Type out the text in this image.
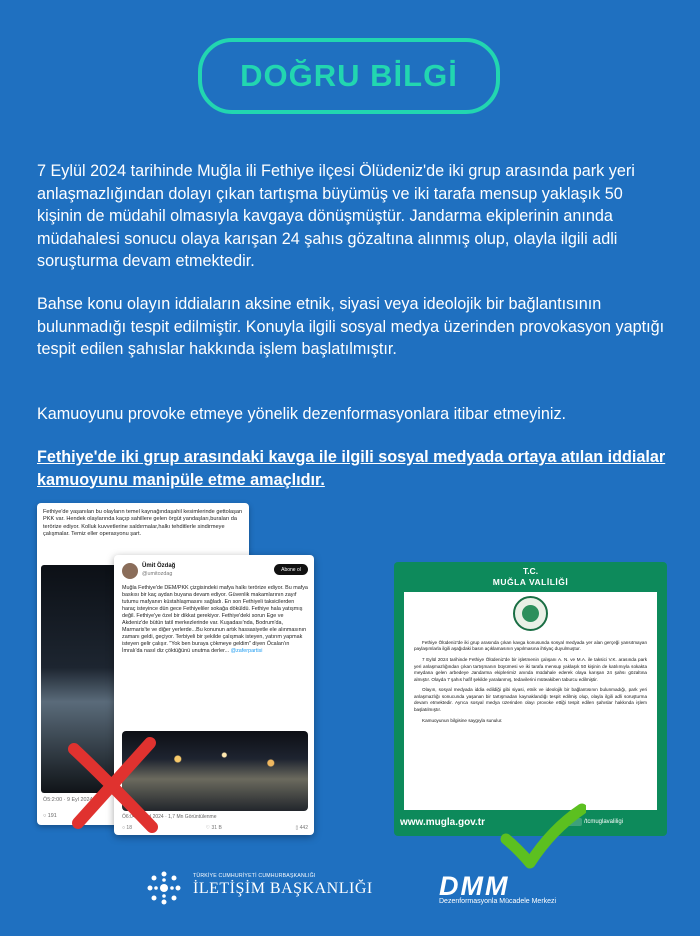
DOĞRU BİLGİ
7 Eylül 2024 tarihinde Muğla ili Fethiye ilçesi Ölüdeniz'de iki grup arasında park yeri anlaşmazlığından dolayı çıkan tartışma büyümüş ve iki tarafa mensup yaklaşık 50 kişinin de müdahil olmasıyla kavgaya dönüşmüştür. Jandarma ekiplerinin anında müdahalesi sonucu olaya karışan 24 şahıs gözaltına alınmış olup, olayla ilgili adli soruşturma devam etmektedir.
Bahse konu olayın iddiaların aksine etnik, siyasi veya ideolojik bir bağlantısının bulunmadığı tespit edilmiştir. Konuyla ilgili sosyal medya üzerinden provokasyon yaptığı tespit edilen şahıslar hakkında işlem başlatılmıştır.
Kamuoyunu provoke etmeye yönelik dezenformasyonlara itibar etmeyiniz.
Fethiye'de iki grup arasındaki kavga ile ilgili sosyal medyada ortaya atılan iddialar kamuoyunu manipüle etme amaçlıdır.
Fethiye'de yaşanılan bu olayların temel kaynağındaşahil kesimlerinde gettolaşan PKK var. Hendek olaylarında kaçıp sahillere gelen örgüt yandaşları,buraları da terörize ediyor. Kolluk kuvvetlerine saldırmalar,halkı tehditlerle sindirmeye çalışmalar. Temiz eller operasyonu şart.
Ö5:2:00 · 9 Eyl 2024 ·
○ 191
Ümit Özdağ
@umitozdag
Abone ol
Muğla Fethiye'de DEM/PKK çizgisindeki mafya halkı terörize ediyor. Bu mafya baskısı bir kaç aydan buyana devam ediyor. Güvenlik makamlarının zayıf tutumu mafyanın küstahlaşmasını sağladı. En son Fethiyeli taksicilerden haraç isteyince dün gece Fethiyeliler sokağa döküldü. Fethiye hala yatışmış değil. Fethiye'ye özel bir dikkat gerekiyor. Fethiye'deki sorun Ege ve Akdeniz'de bütün tatil merkezlerinde var. Kuşadası'nda, Bodrum'da, Marmaris'te ve diğer yerlerde...Bu konunun artık hassasiyetle ele alınmasının zamanı geldi, geçiyor. Terbiyeli bir şekilde çalışmak isteyen, yatırım yapmak isteyen gelir çalışır. "Yok ben buraya çökmeye geldim" diyen Öcalan'ın İmralı'da nasıl diz çöktüğünü unutma derler... @zaferpartisi
Ö6:04 · 9 Eyl 2024 · 1,7 Mn Görüntülenme
○ 18	♡ 31 B	▯ 442
T.C.
MUĞLA VALİLİĞİ

Fethiye Ölüdeniz'de iki grup arasında çıkan kavga konusunda sosyal medyada yer alan gerçeği yansıtmayan paylaşımlarla ilgili aşağıdaki basın açıklamasının yapılmasına ihtiyaç duyulmuştur.

7 Eylül 2024 tarihinde Fethiye Ölüdeniz'de bir işletmenin çalışanı A. N. ve M.A. ile taksici V.K. arasında park yeri anlaşmazlığından çıkan tartışmanın büyümesi ve iki tarafa mensup yaklaşık 50 kişinin de katılımıyla sokakta meydana gelen arbedeye Jandarma ekiplerimiz anında müdahale ederek olaya karışan 24 şahsı gözaltına almıştır. Olayda 7 şahıs hafif şekilde yaralanmış, tedavilerini müteakiben taburcu edilmiştir.

Olayın, sosyal medyada iddia edildiği gibi siyasi, etnik ve ideolojik bir bağlantısının bulunmadığı, park yeri anlaşmazlığı sonucunda yaşanan bir tartışmadan kaynaklandığı tespit edilmiş olup, olayla ilgili adli soruşturma devam etmektedir. Ayrıca sosyal medya üzerinden olayı provoke ettiği tespit edilen şahıslar hakkında işlem başlatılmıştır.

Kamuoyunun bilgisine saygıyla sunulur.

www.mugla.gov.tr	/tcmuglavaliligi
TÜRKİYE CUMHURİYETİ CUMHURBAŞKANLIĞI
İLETİŞİM BAŞKANLIĞI DMM
Dezenformasyonla Mücadele Merkezi
